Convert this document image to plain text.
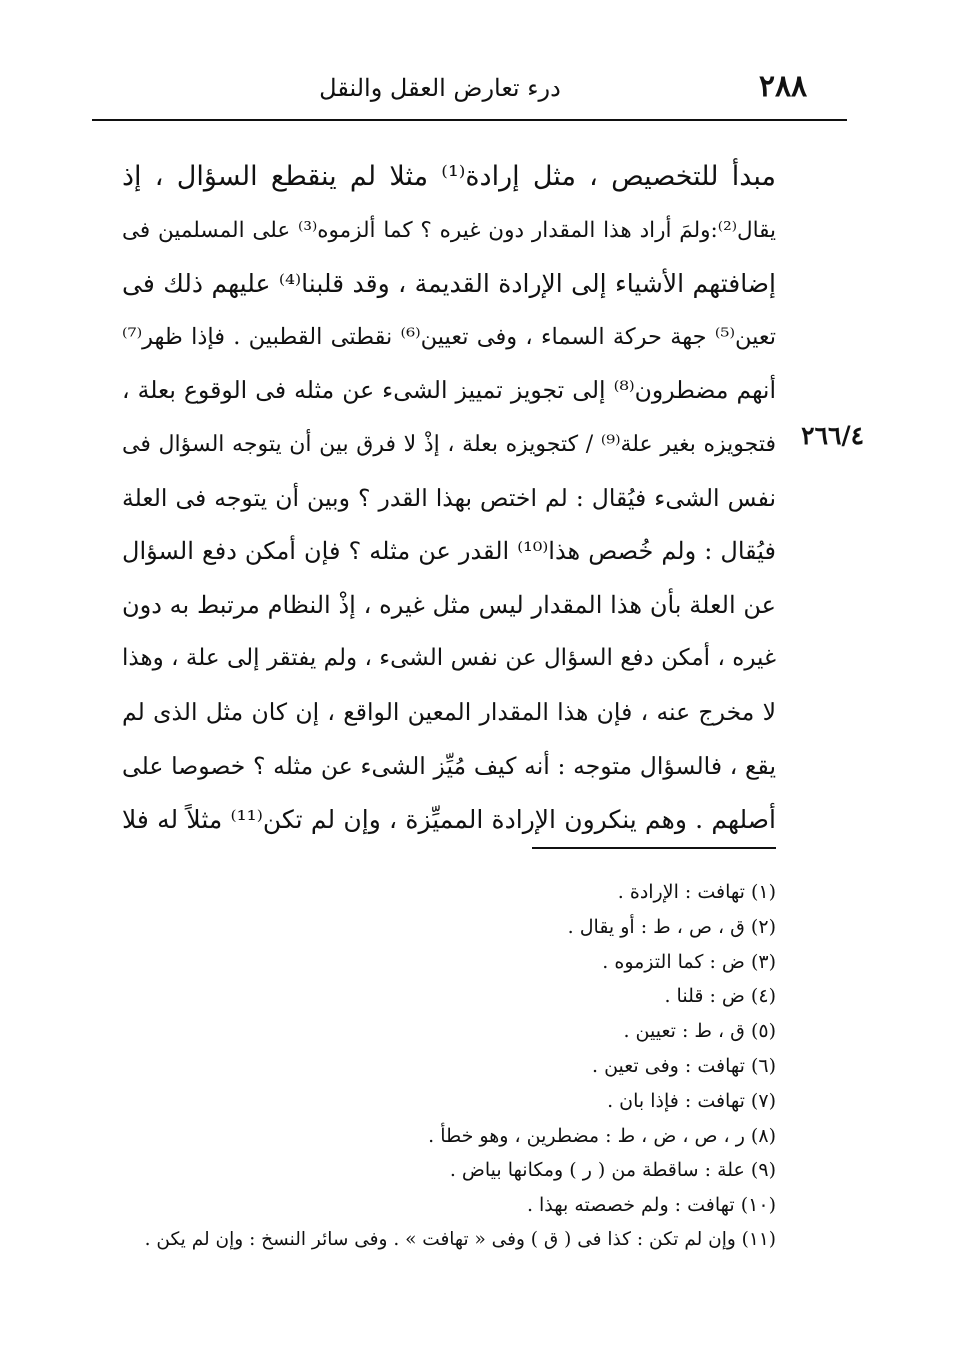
٢٨٨
درء تعارض العقل والنقل
٢٦٦/٤
مبدأ للتخصيص ، مثل إرادة⁽¹⁾ مثلا لم ينقطع السؤال ، إذ
يقال⁽²⁾:ولمَ أراد هذا المقدار دون غيره ؟ كما ألزموه⁽³⁾ على المسلمين فى
إضافتهم الأشياء إلى الإرادة القديمة ، وقد قلبنا⁽⁴⁾ عليهم ذلك فى
تعين⁽⁵⁾ جهة حركة السماء ، وفى تعيين⁽⁶⁾ نقطتى القطبين . فإذا ظهر⁽⁷⁾
أنهم مضطرون⁽⁸⁾ إلى تجويز تمييز الشىء عن مثله فى الوقوع بعلة ،
فتجويزه بغير علة⁽⁹⁾ / كتجويزه بعلة ، إذْ لا فرق بين أن يتوجه السؤال فى
نفس الشىء فيُقال : لم اختص بهذا القدر ؟ وبين أن يتوجه فى العلة
فيُقال : ولم خُصص هذا⁽¹⁰⁾ القدر عن مثله ؟ فإن أمكن دفع السؤال
عن العلة بأن هذا المقدار ليس مثل غيره ، إذْ النظام مرتبط به دون
غيره ، أمكن دفع السؤال عن نفس الشىء ، ولم يفتقر إلى علة ، وهذا
لا مخرج عنه ، فإن هذا المقدار المعين الواقع ، إن كان مثل الذى لم
يقع ، فالسؤال متوجه : أنه كيف مُيِّز الشىء عن مثله ؟ خصوصا على
أصلهم . وهم ينكرون الإرادة المميِّزة ، وإن لم تكن⁽¹¹⁾ مثلاً له فلا
(١) تهافت : الإرادة .
(٢) ق ، ص ، ط : أو يقال .
(٣) ض : كما التزموه .
(٤) ض : قلنا .
(٥) ق ، ط : تعيين .
(٦) تهافت : وفى تعين .
(٧) تهافت : فإذا بان .
(٨) ر ، ص ، ض ، ط : مضطرين ، وهو خطأ .
(٩) علة : ساقطة من ( ر ) ومكانها بياض .
(١٠) تهافت : ولم خصصته بهذا .
(١١) وإن لم تكن : كذا فى ( ق ) وفى « تهافت » . وفى سائر النسخ : وإن لم يكن .
